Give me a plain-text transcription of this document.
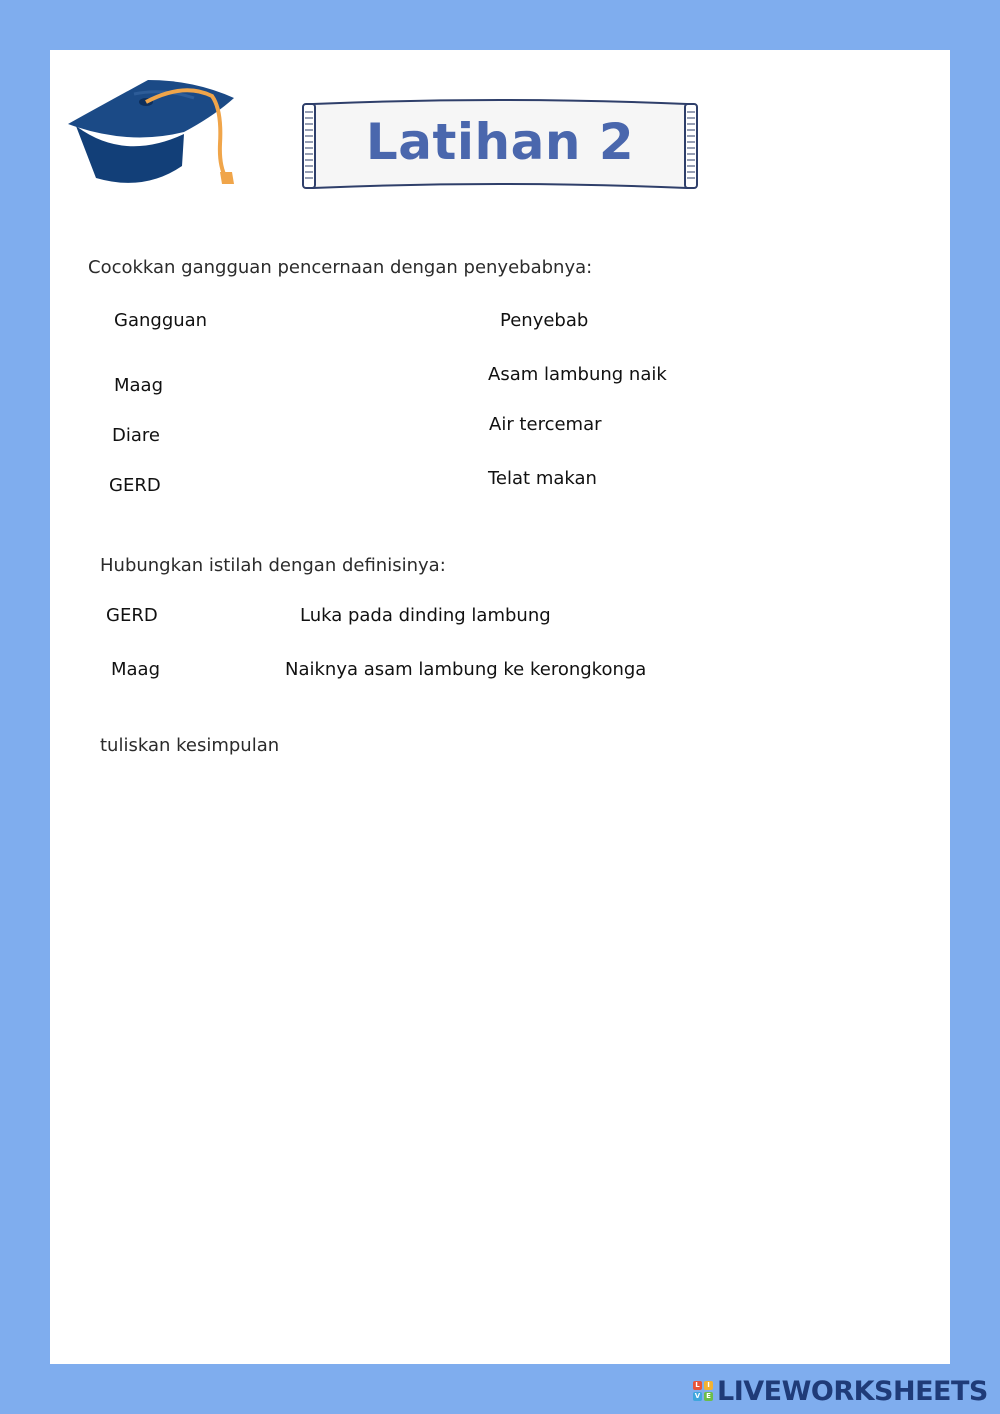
Latihan 2
Cocokkan gangguan pencernaan dengan penyebabnya:
Gangguan	Penyebab
Maag
Diare
GERD
Asam lambung naik
Air tercemar
Telat makan
Hubungkan istilah dengan definisinya:
GERD
Maag
Luka pada dinding lambung
Naiknya asam lambung ke kerongkonga
tuliskan kesimpulan
L	I
V E LIVEWORKSHEETS
